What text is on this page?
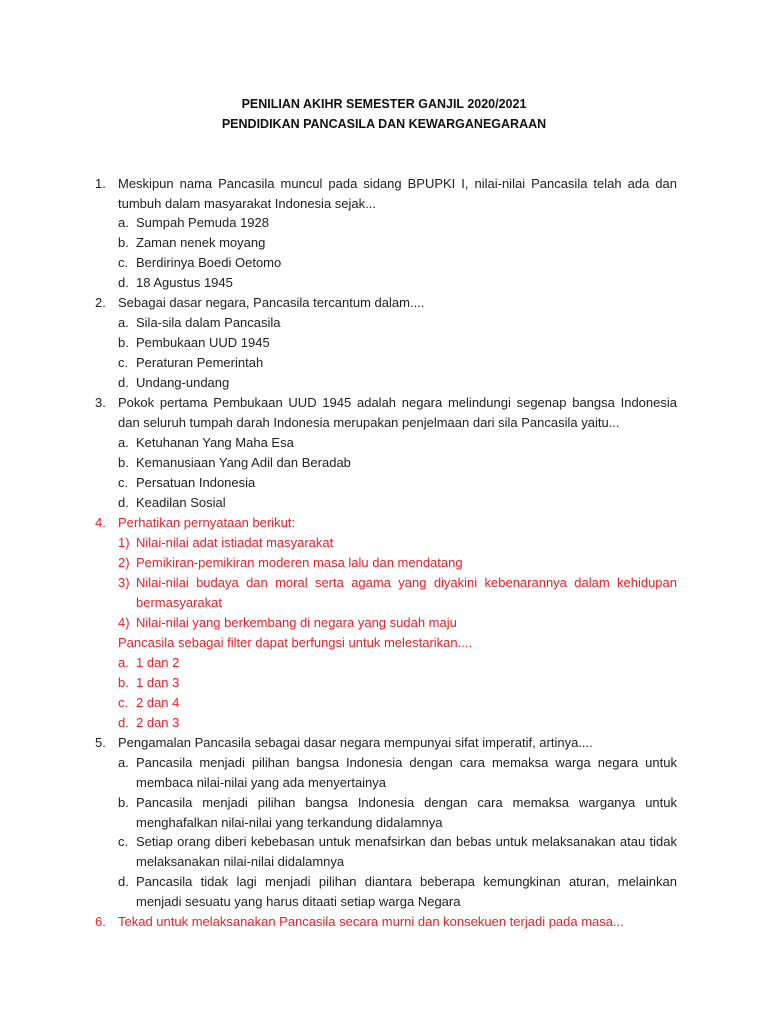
PENILIAN AKIHR SEMESTER GANJIL 2020/2021
PENDIDIKAN PANCASILA DAN KEWARGANEGARAAN
1. Meskipun nama Pancasila muncul pada sidang BPUPKI I, nilai-nilai Pancasila telah ada dan tumbuh dalam masyarakat Indonesia sejak...
a. Sumpah Pemuda 1928
b. Zaman nenek moyang
c. Berdirinya Boedi Oetomo
d. 18 Agustus 1945
2. Sebagai dasar negara, Pancasila tercantum dalam....
a. Sila-sila dalam Pancasila
b. Pembukaan UUD 1945
c. Peraturan Pemerintah
d. Undang-undang
3. Pokok pertama Pembukaan UUD 1945 adalah negara melindungi segenap bangsa Indonesia dan seluruh tumpah darah Indonesia merupakan penjelmaan dari sila Pancasila yaitu...
a. Ketuhanan Yang Maha Esa
b. Kemanusiaan Yang Adil dan Beradab
c. Persatuan Indonesia
d. Keadilan Sosial
4. Perhatikan pernyataan berikut:
1) Nilai-nilai adat istiadat masyarakat
2) Pemikiran-pemikiran moderen masa lalu dan mendatang
3) Nilai-nilai budaya dan moral serta agama yang diyakini kebenarannya dalam kehidupan bermasyarakat
4) Nilai-nilai yang berkembang di negara yang sudah maju
Pancasila sebagai filter dapat berfungsi untuk melestarikan....
a. 1 dan 2
b. 1 dan 3
c. 2 dan 4
d. 2 dan 3
5. Pengamalan Pancasila sebagai dasar negara mempunyai sifat imperatif, artinya....
a. Pancasila menjadi pilihan bangsa Indonesia dengan cara memaksa warga negara untuk membaca nilai-nilai yang ada menyertainya
b. Pancasila menjadi pilihan bangsa Indonesia dengan cara memaksa warganya untuk menghafalkan nilai-nilai yang terkandung didalamnya
c. Setiap orang diberi kebebasan untuk menafsirkan dan bebas untuk melaksanakan atau tidak melaksanakan nilai-nilai didalamnya
d. Pancasila tidak lagi menjadi pilihan diantara beberapa kemungkinan aturan, melainkan menjadi sesuatu yang harus ditaati setiap warga Negara
6. Tekad untuk melaksanakan Pancasila secara murni dan konsekuen terjadi pada masa...
